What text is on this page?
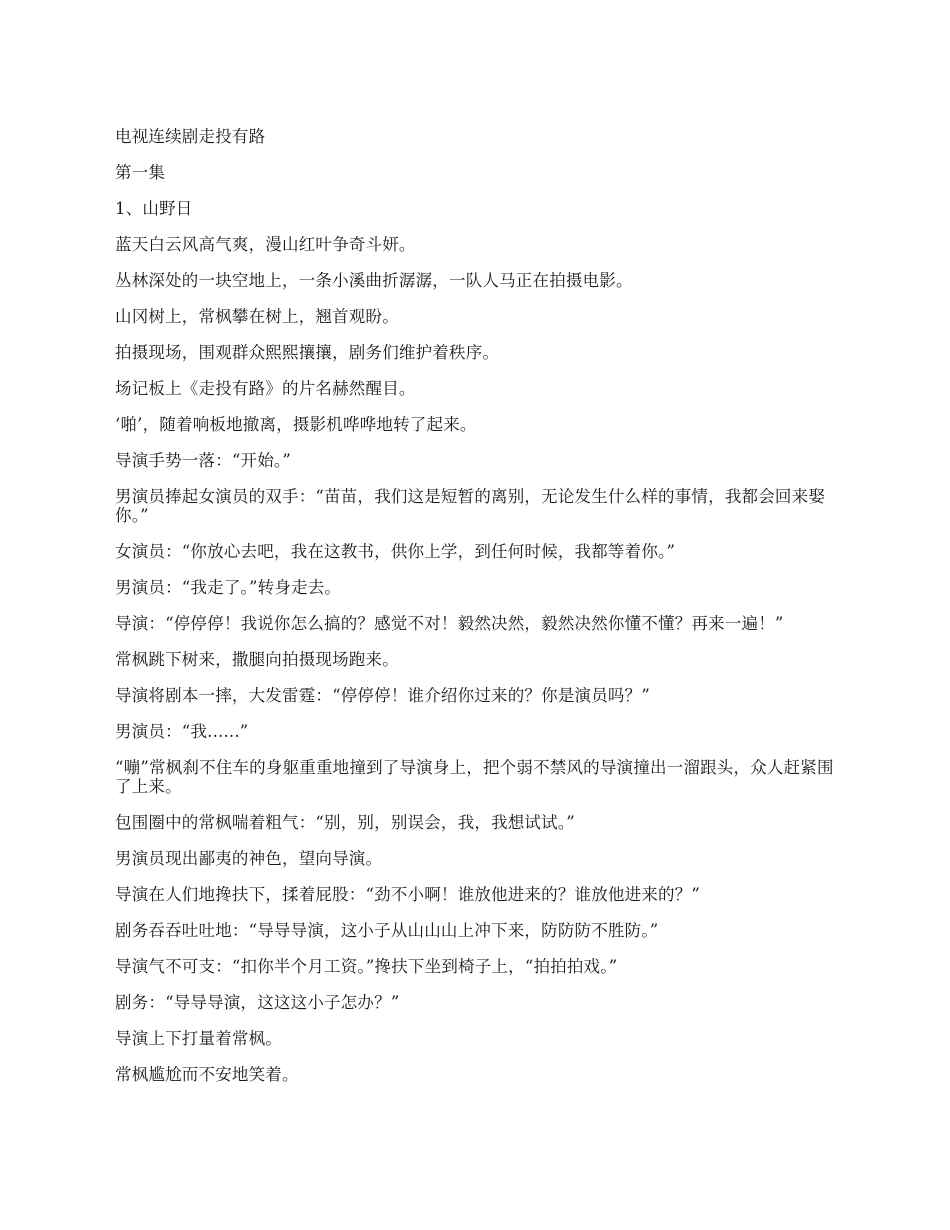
电视连续剧走投有路

第一集

1、山野日

蓝天白云风高气爽，漫山红叶争奇斗妍。

丛林深处的一块空地上，一条小溪曲折潺潺，一队人马正在拍摄电影。

山冈树上，常枫攀在树上，翘首观盼。

拍摄现场，围观群众熙熙攘攘，剧务们维护着秩序。

场记板上《走投有路》的片名赫然醒目。

‘啪’，随着响板地撤离，摄影机哗哗地转了起来。

导演手势一落：“开始。”

男演员捧起女演员的双手：“苗苗，我们这是短暂的离别，无论发生什么样的事情，我都会回来娶你。”

女演员：“你放心去吧，我在这教书，供你上学，到任何时候，我都等着你。”

男演员：“我走了。”转身走去。

导演：“停停停！我说你怎么搞的？感觉不对！毅然决然，毅然决然你懂不懂？再来一遍！”

常枫跳下树来，撒腿向拍摄现场跑来。

导演将剧本一摔，大发雷霆：“停停停！谁介绍你过来的？你是演员吗？”

男演员：“我......”

“嘣”常枫刹不住车的身躯重重地撞到了导演身上，把个弱不禁风的导演撞出一溜跟头，众人赶紧围了上来。

包围圈中的常枫喘着粗气：“别，别，别误会，我，我想试试。”

男演员现出鄙夷的神色，望向导演。

导演在人们地搀扶下，揉着屁股：“劲不小啊！谁放他进来的？谁放他进来的？”

剧务吞吞吐吐地：“导导导演，这小子从山山山上冲下来，防防防不胜防。”

导演气不可支：“扣你半个月工资。”搀扶下坐到椅子上，“拍拍拍戏。”

剧务：“导导导演，这这这小子怎办？”

导演上下打量着常枫。

常枫尴尬而不安地笑着。
